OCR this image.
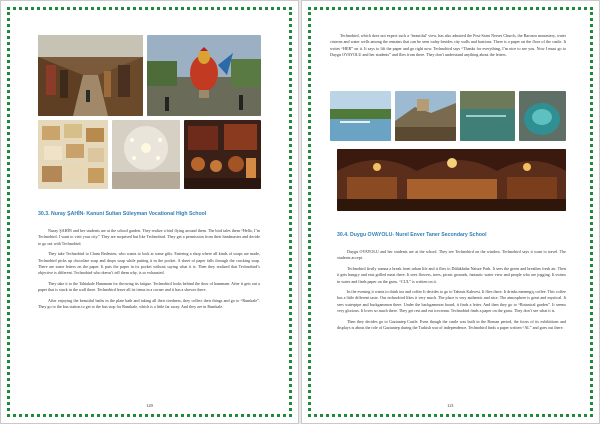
30.3. Nuray ŞAHİN- Kanuni Sultan Süleyman Vocational High School

Nuray ŞAHİN and her students are at the school garden. They realize a bird flying around them. The bird tales them “Hello, I’m Technobird. I want to visit your city.” They are surprised but like Technobird. They get a permission from their headmaster and decide to go out with Technobird.

They take Technobird to Cham Bedesten, who wants to look at some gifts. Entering a shop where all kinds of soaps are made, Technobird picks up chocolate soap and drops soap while putting it in the pocket. A sheet of paper falls through the cracking soap. There are some letters on the paper. It puts the paper in its pocket without saying what it is. Then they realized that Technobird’s objective is different. Technobird who doesn’t tell them why, is so exhausted.

They take it to the Tahtakale Hammam for throwing its fatigue. Technobird looks behind the door of hammam. After it gets out a paper that is stuck in the wall there. Technobird leave all its items in a corner and it has a shower there.

After enjoying the beautiful baths in the plate bath and taking all their tiredness, they collect their things and go to “Rumkale”. They go to the bus station to get to the bus stop for Rumkale, which is a little far away. And they are in Rumkale.

120

Technobird, which does not expect such a ‘beautiful’ view, has also admired the Post-Saint Nerses Church, the Barosea monastery, water cisterns and water wells among the remains that can be seen today besides city walls and bastions. There is a paper on the floor of the castle. It writes “HER” on it. It says to lift the paper and go right now. Technobird says “Thanks for everything, I’m nice to see you. Now I must go to Duygu OVAYOLU and her students” and flies from there. They don’t understand anything about the letters.

30.4. Duygu OVAYOLU- Nurel Enver Taner Secondary School

Duygu OVAYOLU and her students are at the school. They see Technobird on the window. Technobird says it want to travel. The students accept.

Technobird firstly wanna a break from urban life and it flies to Dülükbaba Nature Park. It sees the green and breathes fresh air. Then it gets hungry and eats grilled meat there. It sees flowers, trees, picnic grounds, fantastic water view and people who are jogging. It swims in water and finds paper on the grass. “CUL” is written on it.

In the evening it wants to drink tea and coffee It decides to go to Tahmis Kahvesi. It flies there. It drinks menengiç coffee. This coffee has a little different taste. Our technobird likes it very much. The place is very authentic and nice. The atmosphere is great and mystical. It sees waterpipe and backgammon there. Under the backgammon board, it finds a letter. And then they go to “Botanical garden”. It seems very glorious. It loves so much there. They get rest and eat icecream. Technobird finds a paper on the grass. They don’t see what it is.

Then they decides go to Gaziantep Castle. Even though the castle was built in the Roman period, the focus of its exhibitions and displays is about the role of Gaziantep during the Turkish war of independence. Technobird finds a paper written “AL” and goes out there.

121
